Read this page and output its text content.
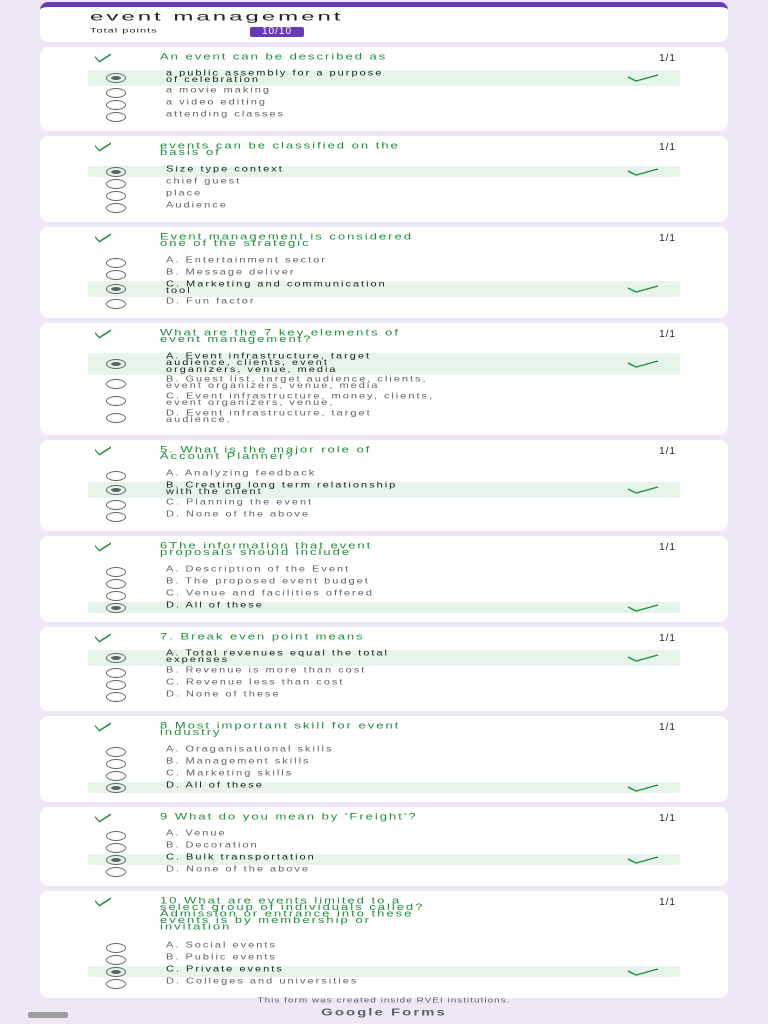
event management
Total points	10/10
An event can be described as	1/1
a public assembly for a purpose
of celebration
a movie making
a video editing
attending classes
events can be classified on the
basis of	1/1
Size type context
chief guest
place
Audience
Event management is considered
one of the strategic	1/1
A. Entertainment sector
B. Message deliver
C. Marketing and communication
tool
D. Fun factor
What are the 7 key elements of
event management?	1/1
A. Event infrastructure, target
audience, clients, event
organizers, venue, media
B. Guest list, target audience, clients,
event organizers, venue, media
C. Event infrastructure, money, clients,
event organizers, venue,
D. Event infrastructure, target
audience,
5. What is the major role of
Account Planner?	1/1
A. Analyzing feedback
B. Creating long term relationship
with the client
C. Planning the event
D. None of the above
6The information that event
proposals should include	1/1
A. Description of the Event
B. The proposed event budget
C. Venue and facilities offered
D. All of these
7. Break even point means	1/1
A. Total revenues equal the total
expenses
B. Revenue is more than cost
C. Revenue less than cost
D. None of these
8 Most important skill for event
industry	1/1
A. Oraganisational skills
B. Management skills
C. Marketing skills
D. All of these
9 What do you mean by 'Freight'?	1/1
A. Venue
B. Decoration
C. Bulk transportation
D. None of the above
10 What are events limited to a
select group of individuals called?
Admission or entrance into these
events is by membership or
invitation
1/1
A. Social events
B. Public events
C. Private events
D. Colleges and universities
This form was created inside RVEI institutions.
Google Forms
